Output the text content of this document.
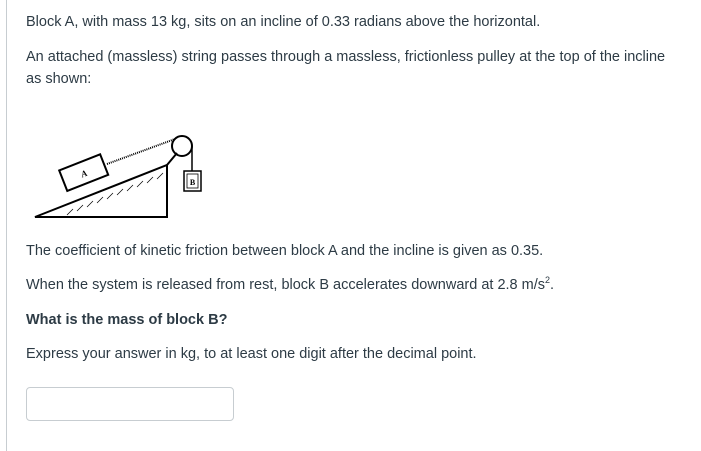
Block A, with mass 13 kg, sits on an incline of 0.33 radians above the horizontal.

An attached (massless) string passes through a massless, frictionless pulley at the top of the incline

as shown:

A
B

The coefficient of kinetic friction between block A and the incline is given as 0.35.

When the system is released from rest, block B accelerates downward at 2.8 $m/s^2$.

What is the mass of block B?

Express your answer in kg, to at least one digit after the decimal point.
